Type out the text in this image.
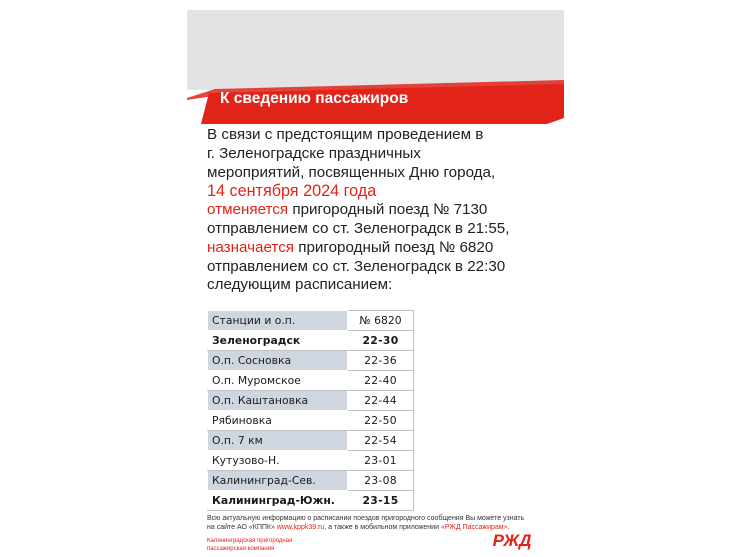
К сведению пассажиров
В связи с предстоящим проведением в
г. Зеленоградске праздничных
мероприятий, посвященных Дню города,
14 сентября 2024 года
отменяется пригородный поезд № 7130
отправлением со ст. Зеленоградск в 21:55,
назначается пригородный поезд № 6820
отправлением со ст. Зеленоградск в 22:30
следующим расписанием:
Станции и о.п.	№ 6820
Зеленоградск	22-30
О.п. Сосновка	22-36
О.п. Муромское	22-40
О.п. Каштановка	22-44
Рябиновка	22-50
О.п. 7 км	22-54
Кутузово-Н.	23-01
Калининград-Сев.	23-08
Калининград-Южн.	23-15
Всю актуальную информацию о расписании поездов пригородного сообщения Вы можете узнать
на сайте АО «КППК» www.kppk39.ru, а также в мобильном приложении «РЖД Пассажирам».
Калининградская пригородная
пассажирская компания	РЖД
